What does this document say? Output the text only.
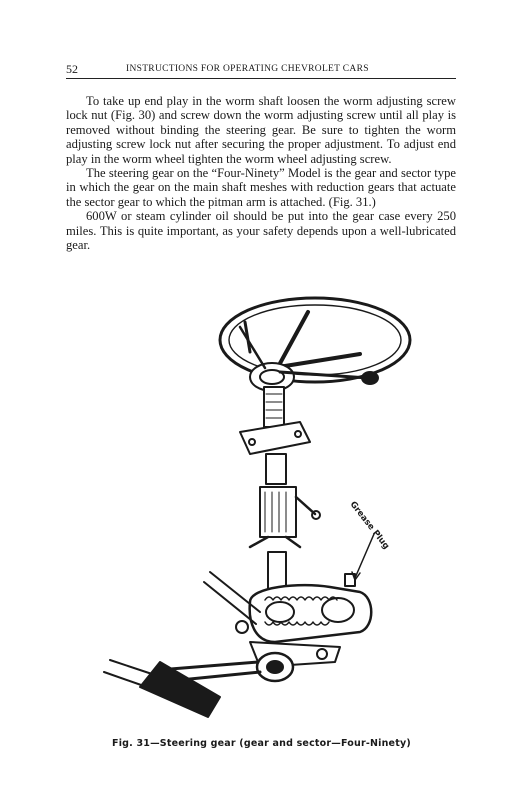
52	INSTRUCTIONS FOR OPERATING CHEVROLET CARS

To take up end play in the worm shaft loosen the worm adjusting screw lock nut (Fig. 30) and screw down the worm adjusting screw until all play is removed without binding the steering gear. Be sure to tighten the worm adjusting screw lock nut after securing the proper adjustment. To adjust end play in the worm wheel tighten the worm wheel adjusting screw.

The steering gear on the “Four-Ninety” Model is the gear and sector type in which the gear on the main shaft meshes with reduction gears that actuate the sector gear to which the pitman arm is attached. (Fig. 31.)

600W or steam cylinder oil should be put into the gear case every 250 miles. This is quite important, as your safety depends upon a well-lubricated gear.

Grease Plug
Fig. 31—Steering gear (gear and sector—Four-Ninety)
